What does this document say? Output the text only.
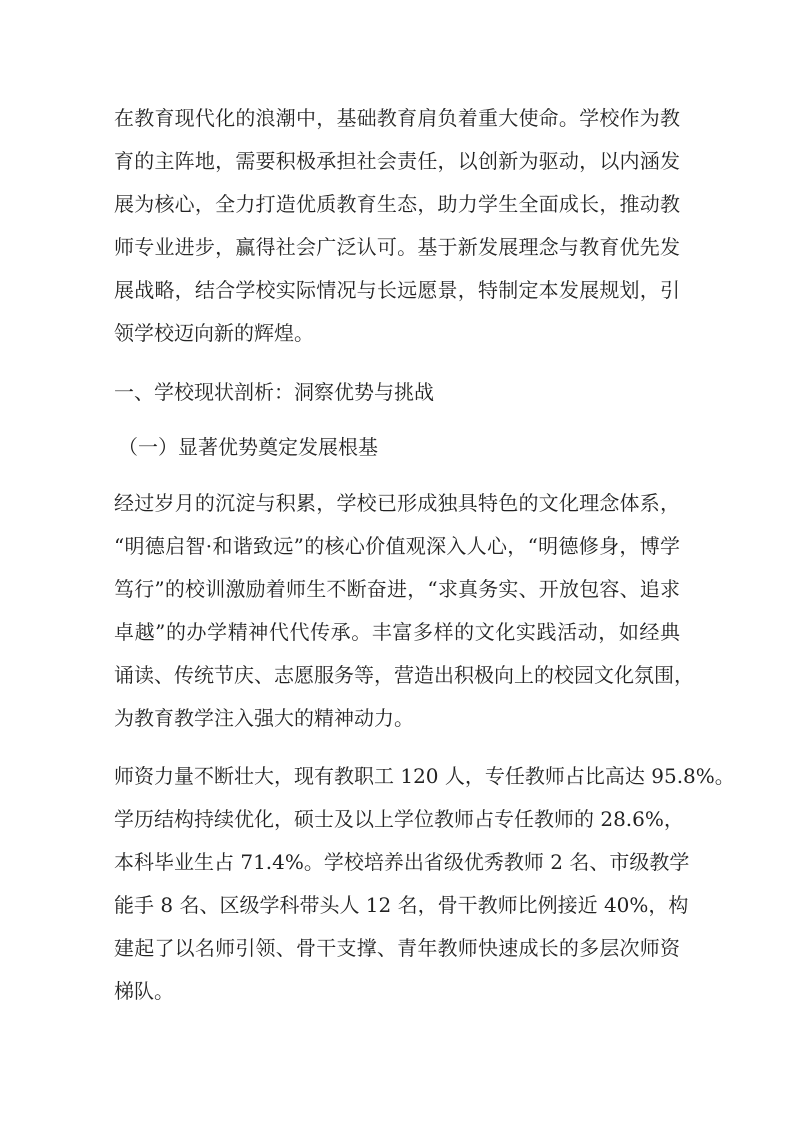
在教育现代化的浪潮中，基础教育肩负着重大使命。学校作为教
育的主阵地，需要积极承担社会责任，以创新为驱动，以内涵发
展为核心，全力打造优质教育生态，助力学生全面成长，推动教
师专业进步，赢得社会广泛认可。基于新发展理念与教育优先发
展战略，结合学校实际情况与长远愿景，特制定本发展规划，引
领学校迈向新的辉煌。
一、学校现状剖析：洞察优势与挑战
（一）显著优势奠定发展根基
经过岁月的沉淀与积累，学校已形成独具特色的文化理念体系，
“明德启智·和谐致远”的核心价值观深入人心，“明德修身，博学
笃行”的校训激励着师生不断奋进，“求真务实、开放包容、追求
卓越”的办学精神代代传承。丰富多样的文化实践活动，如经典
诵读、传统节庆、志愿服务等，营造出积极向上的校园文化氛围，
为教育教学注入强大的精神动力。
师资力量不断壮大，现有教职工 120 人，专任教师占比高达 95.8%。
学历结构持续优化，硕士及以上学位教师占专任教师的 28.6%，
本科毕业生占 71.4%。学校培养出省级优秀教师 2 名、市级教学
能手 8 名、区级学科带头人 12 名，骨干教师比例接近 40%，构
建起了以名师引领、骨干支撑、青年教师快速成长的多层次师资
梯队。
